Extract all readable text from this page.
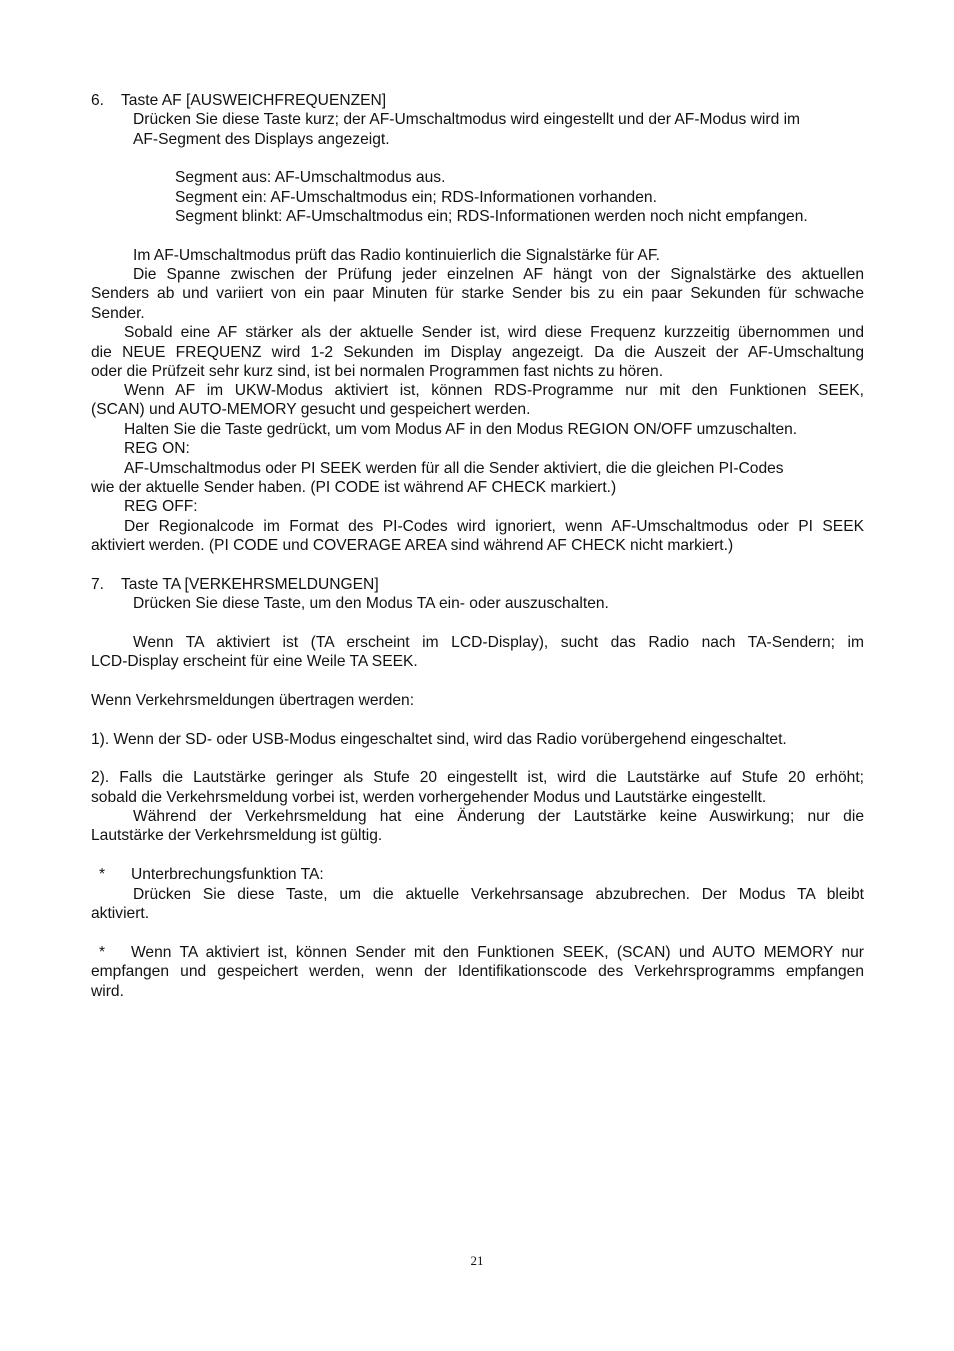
6. Taste AF [AUSWEICHFREQUENZEN]
Drücken Sie diese Taste kurz; der AF-Umschaltmodus wird eingestellt und der AF-Modus wird im
AF-Segment des Displays angezeigt.
Segment aus: AF-Umschaltmodus aus.
Segment ein: AF-Umschaltmodus ein; RDS-Informationen vorhanden.
Segment blinkt: AF-Umschaltmodus ein; RDS-Informationen werden noch nicht empfangen.
Im AF-Umschaltmodus prüft das Radio kontinuierlich die Signalstärke für AF.
Die Spanne zwischen der Prüfung jeder einzelnen AF hängt von der Signalstärke des aktuellen
Senders ab und variiert von ein paar Minuten für starke Sender bis zu ein paar Sekunden für schwache
Sender.
Sobald eine AF stärker als der aktuelle Sender ist, wird diese Frequenz kurzzeitig übernommen und
die NEUE FREQUENZ wird 1-2 Sekunden im Display angezeigt. Da die Auszeit der AF-Umschaltung
oder die Prüfzeit sehr kurz sind, ist bei normalen Programmen fast nichts zu hören.
Wenn AF im UKW-Modus aktiviert ist, können RDS-Programme nur mit den Funktionen SEEK,
(SCAN) und AUTO-MEMORY gesucht und gespeichert werden.
Halten Sie die Taste gedrückt, um vom Modus AF in den Modus REGION ON/OFF umzuschalten.
REG ON:
AF-Umschaltmodus oder PI SEEK werden für all die Sender aktiviert, die die gleichen PI-Codes
wie der aktuelle Sender haben. (PI CODE ist während AF CHECK markiert.)
REG OFF:
Der Regionalcode im Format des PI-Codes wird ignoriert, wenn AF-Umschaltmodus oder PI SEEK
aktiviert werden. (PI CODE und COVERAGE AREA sind während AF CHECK nicht markiert.)
7. Taste TA [VERKEHRSMELDUNGEN]
Drücken Sie diese Taste, um den Modus TA ein- oder auszuschalten.
Wenn TA aktiviert ist (TA erscheint im LCD-Display), sucht das Radio nach TA-Sendern; im
LCD-Display erscheint für eine Weile TA SEEK.
Wenn Verkehrsmeldungen übertragen werden:
1). Wenn der SD- oder USB-Modus eingeschaltet sind, wird das Radio vorübergehend eingeschaltet.
2). Falls die Lautstärke geringer als Stufe 20 eingestellt ist, wird die Lautstärke auf Stufe 20 erhöht;
sobald die Verkehrsmeldung vorbei ist, werden vorhergehender Modus und Lautstärke eingestellt.
Während der Verkehrsmeldung hat eine Änderung der Lautstärke keine Auswirkung; nur die
Lautstärke der Verkehrsmeldung ist gültig.
* Unterbrechungsfunktion TA:
Drücken Sie diese Taste, um die aktuelle Verkehrsansage abzubrechen. Der Modus TA bleibt
aktiviert.
* Wenn TA aktiviert ist, können Sender mit den Funktionen SEEK, (SCAN) und AUTO MEMORY nur
empfangen und gespeichert werden, wenn der Identifikationscode des Verkehrsprogramms empfangen
wird.
21
